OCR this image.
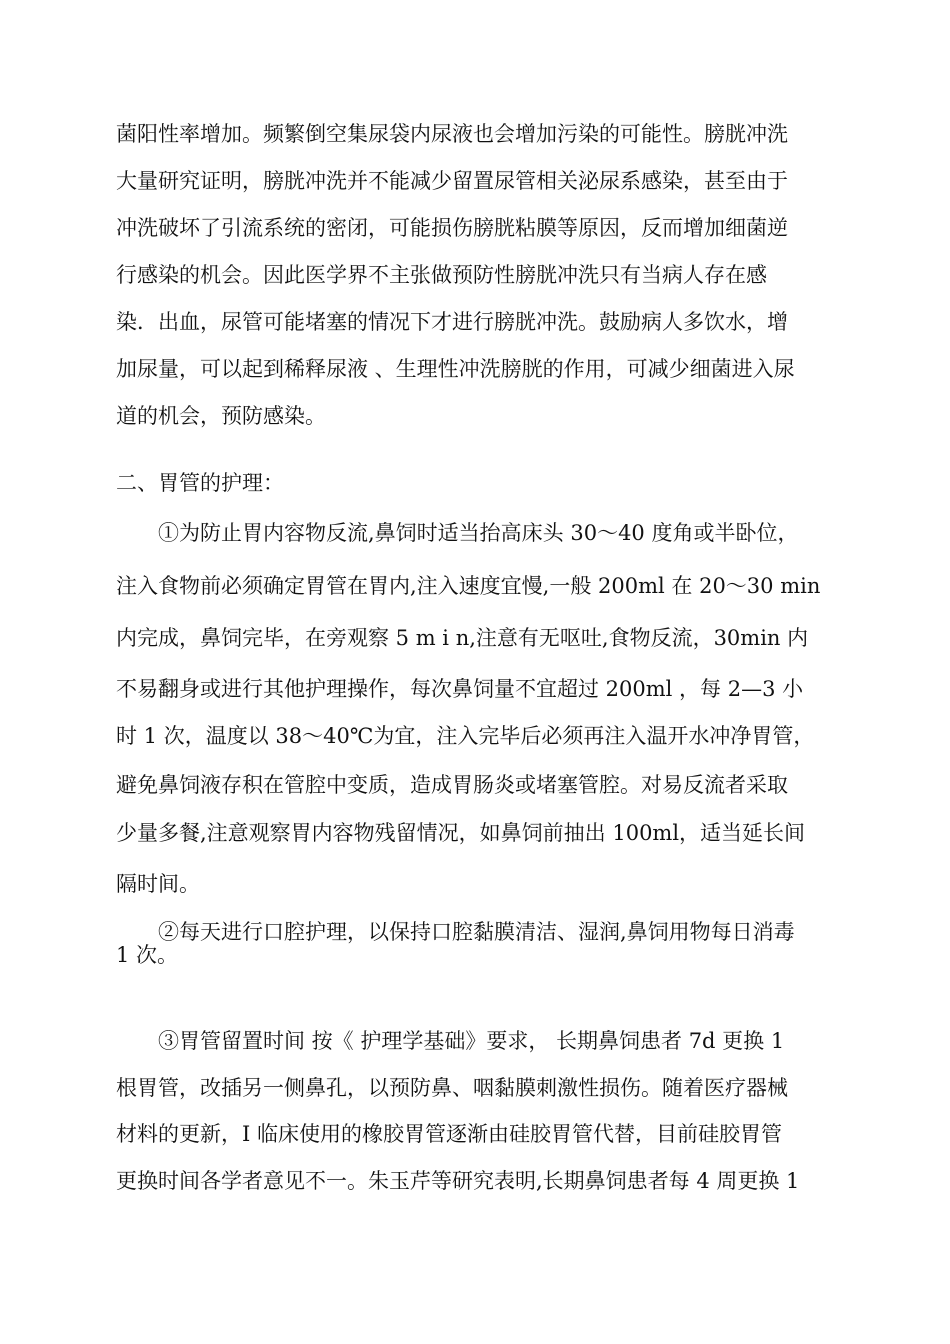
菌阳性率增加。频繁倒空集尿袋内尿液也会增加污染的可能性。膀胱冲洗
大量研究证明，膀胱冲洗并不能减少留置尿管相关泌尿系感染，甚至由于
冲洗破坏了引流系统的密闭，可能损伤膀胱粘膜等原因，反而增加细菌逆
行感染的机会。因此医学界不主张做预防性膀胱冲洗只有当病人存在感
染．出血，尿管可能堵塞的情况下才进行膀胱冲洗。鼓励病人多饮水，增
加尿量，可以起到稀释尿液 、生理性冲洗膀胱的作用，可减少细菌进入尿
道的机会，预防感染。
二、胃管的护理：
①为防止胃内容物反流,鼻饲时适当抬高床头 30～40 度角或半卧位，
注入食物前必须确定胃管在胃内,注入速度宜慢,一般 200ml 在 20～30 min
内完成，鼻饲完毕，在旁观察 5 m i n,注意有无呕吐,食物反流，30min 内
不易翻身或进行其他护理操作，每次鼻饲量不宜超过 200ml ，每 2—3 小
时 1 次，温度以 38～40℃为宜，注入完毕后必须再注入温开水冲净胃管，
避免鼻饲液存积在管腔中变质，造成胃肠炎或堵塞管腔。对易反流者采取
少量多餐,注意观察胃内容物残留情况，如鼻饲前抽出 100ml，适当延长间
隔时间。
②每天进行口腔护理，以保持口腔黏膜清洁、湿润,鼻饲用物每日消毒
1 次。
③胃管留置时间 按《 护理学基础》要求， 长期鼻饲患者 7d 更换 1
根胃管，改插另一侧鼻孔，以预防鼻、咽黏膜刺激性损伤。随着医疗器械
材料的更新，I 临床使用的橡胶胃管逐渐由硅胶胃管代替，目前硅胶胃管
更换时间各学者意见不一。朱玉芹等研究表明,长期鼻饲患者每 4 周更换 1
